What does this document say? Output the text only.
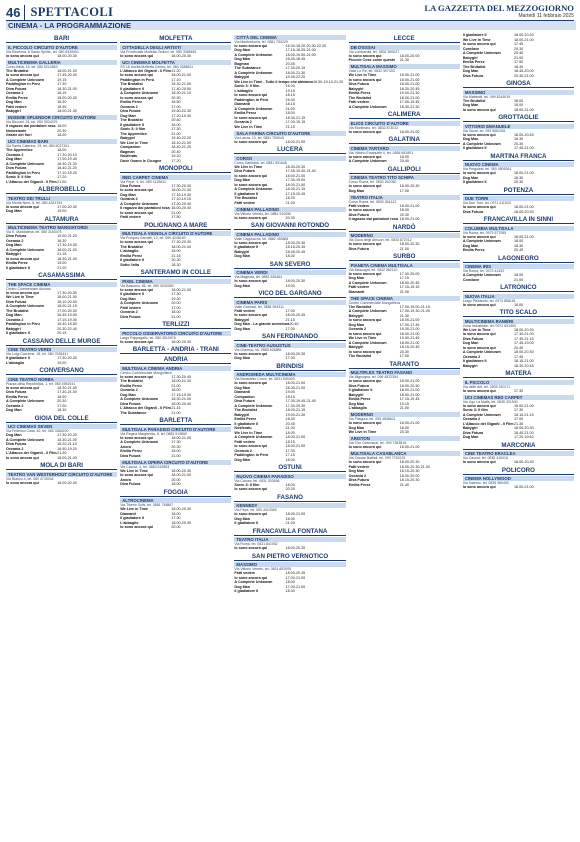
46 SPETTACOLI	LA GAZZETTA DEL MEZZOGIORNO
Martedì 11 febbraio 2025
CINEMA - LA PROGRAMMAZIONE
BARI
IL PICCOLO CIRCUITO D'AUTORE
Via Ravenna, 6 Santo Spirito, tel. 080 5339051
Io sono ancora qui	18.00-20.30
MULTICINEMA GALLERIA
Corso Italia, 15, tel. 080 5214563
The Brutalist	18.00-21.00
Io sono ancora qui	17.45-20.30
A Complete Unknown	19.15
Paddington in Perù	17.30
Diva Futura	18.30-21.00
Oceania 2	16.15
Emilia Perez	18.00-20.30
Dog Man	16.30
Fatti vedere	18.45
Babygirl	18.00-21.30
INSIEME SPLENDOR CIRCUITO D'AUTORE
Via Buccari, 24, tel. 080 5504376
Il ragazzo dai pantaloni rosa 18.00
Nonostante	20.30
Grazie dei fiori	18.00
UCI CINEMAS BARI
Via Santa Caterina, 19, tel. 080 5027341
The Apprentice	18.00
Oceania 2	17.30-20.10
Dog Man	17.00-19.40
A Complete Unknown	18.30-21.30
Diva Futura	18.40-21.20
Paddington in Perù	17.10-19.20
Sonic 3: Il film	17.20
L'Attacco dei Giganti - Il Film 21.00
ALBEROBELLO
TEATRO DEI TRULLI
Via Monte Nero, 6, tel. 080 4323754
Io sono ancora qui	17.00-20.30
Dog Man	19.00
ALTAMURA
MULTICINEMA TEATRO MANGIATORDI
Via E. Maddalena, tel. 080 3163475
Diva Futura	19.00-21.20
Oceania 2	18.30
Dog Man	17.30-19.30
A Complete Unknown	18.00-21.00
Babygirl	21.15
Io sono ancora qui	18.30-21.00
Emilia Perez	19.00
Il gladiatore II	21.00
CASAMASSIMA
THE SPACE CINEMA
Centro Commerciale Auchan
Io sono ancora qui	17.30-20.30
We Live in Time	18.00-21.00
Diva Futura	18.10-20.50
A Complete Unknown	18.00-21.15
The Brutalist	17.00-20.30
Dog Man	16.45-19.00
Oceania 2	17.15-19.40
Paddington in Perù	16.40-18.50
Babygirl	20.30-22.40
Il gladiatore II	20.15
CASSANO DELLE MURGE
CINE TEATRO VERDI
Via Luigi Carcione, 18, tel. 080 7635441
Il gladiatore II	17.30-20.30
L'abbaglio	19.00
CONVERSANO
CINE TEATRO NORBA
Piazza della Repubblica, 1, tel. 080 4951541
Io sono ancora qui	18.30-21.00
Diva Futura	17.30-21.00
Emilia Perez	18.00
A Complete Unknown	20.30
Oceania 2	17.00
Dog Man	18.30
GIOIA DEL COLLE
UCI CINEMAS SEVEN
Via Federico Calia, 40, tel. 080 3484200
Dog Man	17.30-20.20
A Complete Unknown	18.30-21.00
Diva Futura	18.20-21.10
Oceania 2	16.50-19.20
L'Attacco dei Giganti - Il Film 21.30
Io sono ancora qui	18.00-21.00
MOLA DI BARI
TEATRO VAN WESTERHOUT CIRCUITO D'AUTORE
Via Bianco 4, tel. 080 4740034
Io sono ancora qui	18.00-20.30
MOLFETTA
CITTADELLA DEGLI ARTISTI
Via Provinciale Molfetta-Terlizzi, tel. 080 3385651
Io sono ancora qui	18.00-20.30
UCI CINEMAS MOLFETTA
SS 16 Uscita Molfetta Centro, tel. 080 3386811
L'Attacco dei Giganti - Il Film 21.20
Io sono ancora qui	18.00-21.00
Paddington in Perù	17.10
The Brutalist	18.30-21.00
Il gladiatore II	17.40-20.50
A Complete Unknown	18.20-21.10
Io sono ancora qui	20.30
Emilia Perez	18.50
Oceania 2	17.00
Diva Futura	19.50-22.30
Dog Man	17.20-19.30
The Brutalist	20.40
Il gladiatore II	18.00
Sonic 3: Il film	17.30
The Apprentice	21.00
Babygirl	19.40-22.20
We Live in Time	18.10-21.00
Companion	18.40-21.20
Bagman	20.40
Nosferatu	19.10
Dove Osano le Cicogne	17.20
MONOPOLI
RED CARPET CINEMA
Via Pepe, 4, tel. 080 4135611
Diva Futura	17.30-20.30
Io sono ancora qui	18.00-21.00
Dog Man	17.15-19.30
Oceania 2	17.10-19.15
A Complete Unknown	17.30-20.40
Il ragazzo dai pantaloni rosa 18.00-20.40
Io sono ancora qui	21.00
Fatti vedere	17.50
POLIGNANO A MARE
MULTISALA VIGNOLA CIRCUITO D'AUTORE
Via Pompeo Sarnelli, 10, tel. 080 4248160
Io sono ancora qui	17.30-20.30
The Brutalist	18.00-21.00
L'abbaglio	18.00
Emilia Perez	21.15
Il gladiatore II	20.30
Sotto l'alta	18.30
SANTERAMO IN COLLE
PIXEL CINEMA
Via Bassano, 66, tel. 080 3030082
Io sono ancora qui	18.00-21.00
Il gladiatore II	17.30
Dog Man	19.30
A Complete Unknown	20.00
Fatti vedere	17.00
Oceania 2	18.00
Diva Futura	21.00
TERLIZZI
PICCOLO OSSERVATORIO CIRCUITO D'AUTORE
Largo Pappagallo, tel. 080 3510976
Io sono ancora qui	18.00-20.30
BARLETTA - ANDRIA - TRANI
ANDRIA
MULTISALA CINEMA ANDRIA
Centro Commerciale Mongolfiera
Io sono ancora qui	17.30-20.45
The Brutalist	18.00-21.30
Emilia Perez	21.00
Oceania 2	18.00
Dog Man	17.15-19.30
A Complete Unknown	18.30-21.00
Diva Futura	18.00-20.40
L'Attacco dei Giganti - Il Film 21.15
The Substance	21.00
BARLETTA
MULTISALA PARADISO CIRCUITO D'AUTORE
Via Regina Margherita, 8, tel. 0883 519850
Io sono ancora qui	18.00-21.00
A Complete Unknown	17.30
Anora	20.30
Emilia Perez	18.00
Diva Futura	21.00
MULTISALA OPERA CIRCUITO D'AUTORE
Via Cavour, 1, tel. 0883 519853
We Live in Time	18.00-20.30
Io sono ancora qui	18.00-21.00
Anora	20.00
Diva Futura	18.00
FOGGIA
ALTROCINEMA
Via Tiberio Solis, tel. 0881 748867
We Live in Time	18.00-20.30
Diamanti	18.00
Il gladiatore II	17.30
L'abbaglio	18.00-20.30
Io sono ancora qui	20.00
CITTÀ DEL CINEMA
Via Manfredonia, tel. 0881 750229
Io sono ancora qui	16.30-18.20-20.30-22.30
Dog Man	17.15-18.25-21.00
A Complete Unknown	18.00-19.00-21.00
Dog Man	16.45-18.45
Bagman	20.45
The Substance	17.30-20.15
A Complete Unknown	18.00-21.30
Babygirl	19.45-22.20
We Live in Time - Tutto il tempo che abbiamo 16.50-19.10-21.20
Sonic 3: Il film	16.00
L'abbaglio	19.15
Io sono ancora qui	18.15
Paddington in Perù	16.40
Diamanti	18.15
A Complete Unknown	21.00
Emilia Perez	18.00
Io sono ancora qui	18.30-21.15
Oceania 2	17.00-19.15
We Live in Time	21.15
SALA FARINA CIRCUITO D'AUTORE
Via Lanza, 13, tel. 0881 750049
Io sono ancora qui	18.00-21.00
LUCERA
CORSO
Corso Garibaldi, tel. 0881 901645
We Live in Time	18.30-20.30
Diva Futura	17.45-19.40-21.40
Io sono ancora qui	18.00-21.00
Dog Man	17.30-19.00
Io sono ancora qui	18.00-21.00
A Complete Unknown	18.30-21.15
Il gladiatore II	17.15-20.45
The Brutalist	18.30
Fatti vedere	21.00
CINEMA PALLADINO
Via Vittorio Veneto, tel. 0881 910050
Io sono ancora qui	20.30
SAN GIOVANNI ROTONDO
CINEMA PALLADINO
Viale Cappuccini, tel. 0882 453684
Io sono ancora qui	18.00-20.30
Il gladiatore II	18.15-20.45
Babygirl	18.45-20.45
Dog Man	18.30
SAN SEVERO
CINEMA VERDI
Via Magenta, tel. 0882 335484
Io sono ancora qui	18.00-20.30
Dog Man	19.00
VICO DEL GARGANO
CINEMA PARIS
Viale Gramsci, tel. 0884 994311
Fatti vedere	17.00
Io sono ancora qui	18.00-20.45
Babygirl	21.15
Dog Man - La grande avventura 20.40
Dog Man	17.00
SAN FERDINANDO
CINE-TEATRO AUGUSTUS
Via Gramsci, tel. 0883 626885
Io sono ancora qui	18.00-20.30
Dog Man	17.30
BRINDISI
ANDROMEDA MULTICINEMA
Via Benedetto Croce, tel. 0831 590400
Io sono ancora qui	18.00-21.00
Dog Man	18.30-21.00
Diamanti	19.00
Companion	18.15
Diva Futura	17.30-19.45-21.45
A Complete Unknown	17.30-20.30
The Brutalist	18.00-21.15
Babygirl	19.00-21.30
Emilia Perez	18.30
Il gladiatore II	20.45
Nosferatu	21.00
We Live in Time	18.00
A Complete Unknown	18.00-21.00
Fatti vedere	18.15
Io sono ancora qui	18.00-21.00
Oceania 2	17.30
Paddington in Perù	17.15
Dog Man	18.00
OSTUNI
NUOVO CINEMA PARADISO
Via Cavour, tel. 0831 303456
Sonic 3: Il film	18.00
Io sono ancora qui	20.30
FASANO
KENNEDY
Via Pepe, tel. 080 4413345
Io sono ancora qui	18.00-21.00
Dog Man	18.30
Il gladiatore II	21.00
FRANCAVILLA FONTANA
TEATRO ITALIA
Via Roma, tel. 0831 841052
Io sono ancora qui	18.00-20.30
SAN PIETRO VERNOTICO
MASSIMO
Via Vittorio Veneto, tel. 0831 652009
Fatti vedere	18.00-20.45
Io sono ancora qui	17.00-21.00
A Complete Unknown	18.00
Dog Man	17.00-21.00
Il gladiatore II	18.30
LECCE
DB D'ESSAI
Via Lombardia, tel. 0832 390027
Io sono ancora qui	18.00-20.00
Piccole Cose come queste	21.30
MULTISALA MASSIMO
Viale Lo Re, tel. 0832 307433
We Live in Time	18.00-21.00
Io sono ancora qui	18.00-21.00
Diva Futura	18.00-21.00
Babygirl	18.30-20.45
Emilia Perez	19.00-21.30
The Brutalist	18.00-21.00
Fatti vedere	17.00-19.45
A Complete Unknown	18.30-21.30
CALIMERA
ELIOS CIRCUITO D'AUTORE
Via Montinaro, tel. 0832 873012
Io sono ancora qui	18.00-21.00
GALATINA
CINEMA TARTARO
Via Vittorio Emanuele II, tel. 0836 561801
Io sono ancora qui	18.00
A Complete Unknown	20.40
GALLIPOLI
CINEMA TEATRO TITO SCHIPA
Corso Roma, tel. 0833 262050
Io sono ancora qui	18.00-20.30
Dog Man	17.00
TEATRO ITALIA
Corso Roma, tel. 0833 264122
Fatti vedere	18.00-21.00
Io sono ancora qui	18.00
Diva Futura	20.30
Il ragazzo dai pantaloni rosa 18.00-21.00
NARDÒ
MODERNO
Via Duca degli Abruzzi, tel. 0833 872012
Io sono ancora qui	18.00-20.30
Diva Futura	21.00
SURBO
PIANETA CINEMA MULTISALA
Via Mascagni, tel. 0832 362110
Io sono ancora qui	17.00-20.00
Dog Man	17.15
A Complete Unknown	18.00-20.45
Fatti vedere	17.15-19.15
Diamanti	21.00
THE SPACE CINEMA
Centro Commerciale Mongolfiera
The Brutalist	17.00-19.00-21.15
A Complete Unknown	17.00-19.30-21.00
Babygirl	21.30
Io sono ancora qui	18.00-21.00
Dog Man	17.00-17.45
Oceania 2	19.30-21.00
Io sono ancora qui	18.00-21.00
We Live in Time	19.00-21.45
A Complete Unknown	18.00-21.00
Babygirl	18.15-20.45
Io sono ancora qui	20.30
The Brutalist	17.00
TARANTO
MULTIPLEX TEATRO FASANO
Via Mignogna, tel. 099 4522354
Io sono ancora qui	18.00-21.00
Diva Futura	18.00-20.30
Il gladiatore II	18.00-21.00
Babygirl	18.00-21.00
Emilia Perez	17.15-19.45
Dog Man	19.15
L'abbaglio	21.00
MODERNO
Via Pitagora, tel. 099 4536621
Io sono ancora qui	18.00-21.00
Dog Man	18.00
We Live in Time	20.30
ARISTON
Via Ciro Giovinazzi, tel. 099 7363816
Io sono ancora qui	18.00-21.00
MULTISALA CASABLANCA
Via Cesare Battisti, tel. 099 7762215
Io sono ancora qui	18.00-20.30
Fatti vedere	18.00-20.30-21.00
Dog Man	18.15-20.30
Oceania 2	18.00-20.00
Diva Futura	18.15-20.30
Emilia Perez	21.40
Il gladiatore II	18.00-20.30
We Live in Time	18.00-21.00
Io sono ancora qui	17.45
Conclave	20.30
A Complete Unknown	20.40
Babygirl	21.00
Emilia Perez	17.50
The Brutalist	18.30
Dog Man	18.45-20.00
Diva Futura	20.30-21.00
GINOSA
MASSIMO
Via Matteotti, tel. 099 8245019
The Brutalist	18.00
Dog Man	19.00
Io sono ancora qui	18.00-21.00
GROTTAGLIE
VITTORIO EMANUELE
Via Giusti, tel. 099 5661051
Io sono ancora qui	18.00-20.45
Dog Man	18.30
A Complete Unknown	20.30
Il gladiatore II	17.45-21.00
MARTINA FRANCA
NUOVO CINEMA
Via Pergolesi, tel. 080 4805261
Io sono ancora qui	18.00-21.00
Dog Man	18.30
Il gladiatore II	20.30
POTENZA
DUE TORRI
Via Due Torri, tel. 0971 411543
Io sono ancora qui	18.00-21.00
Diva Futura	18.00-20.30
FRANCAVILLA IN SINNI
COLUMBIA MULTISALA
Via Roma, tel. 0973 577085
Io sono ancora qui	18.00-21.00
A Complete Unknown	18.00
Dog Man	18.30
Emilia Perez	20.45
LAGONEGRO
CINEMA IRIS
Via Roma, tel. 0973 41432
A Complete Unknown	18.00
Conclave	21.00
LATRONICO
NUOVA ITALIA
Largo Plebiscito, tel. 0973 858181
Io sono ancora qui	18.00
TITO SCALO
MULTICINEMA RANIERI
Zona Industriale, tel. 0971 651900
We Live in Time	18.00-20.30
Io sono ancora qui	17.30-21.00
Diva Futura	17.30-21.15
Dog Man	17.45-19.00
Io sono ancora qui	20.40
A Complete Unknown	18.00-20.30
Oceania 2	17.45
Il gladiatore II	18.15-21.00
Babygirl	18.30-20.45
MATERA
IL PICCOLO
Via delle Arti, tel. 0835 330171
Io sono ancora qui	17.30
UCI CINEMAS RED CARPET
Via Ugo La Malfa, tel. 0835 331540
Io sono ancora qui	18.00-21.00
Sonic 3: Il film	17.30
A Complete Unknown	18.15-21.15
Oceania 2	17.00
L'Attacco dei Giganti - Il Film 21.30
Babygirl	18.00-20.30
Diva Futura	18.40-21.00
Dog Man	17.20-19.40
MARCONIA
CINE TEATRO ERACLEA
Via Cavour, tel. 0835 416016
Io sono ancora qui	18.00-20.30
POLICORO
CINEMA HOLLYWOOD
Via Salerno, tel. 0835 980450
Io sono ancora qui	18.00-21.00
